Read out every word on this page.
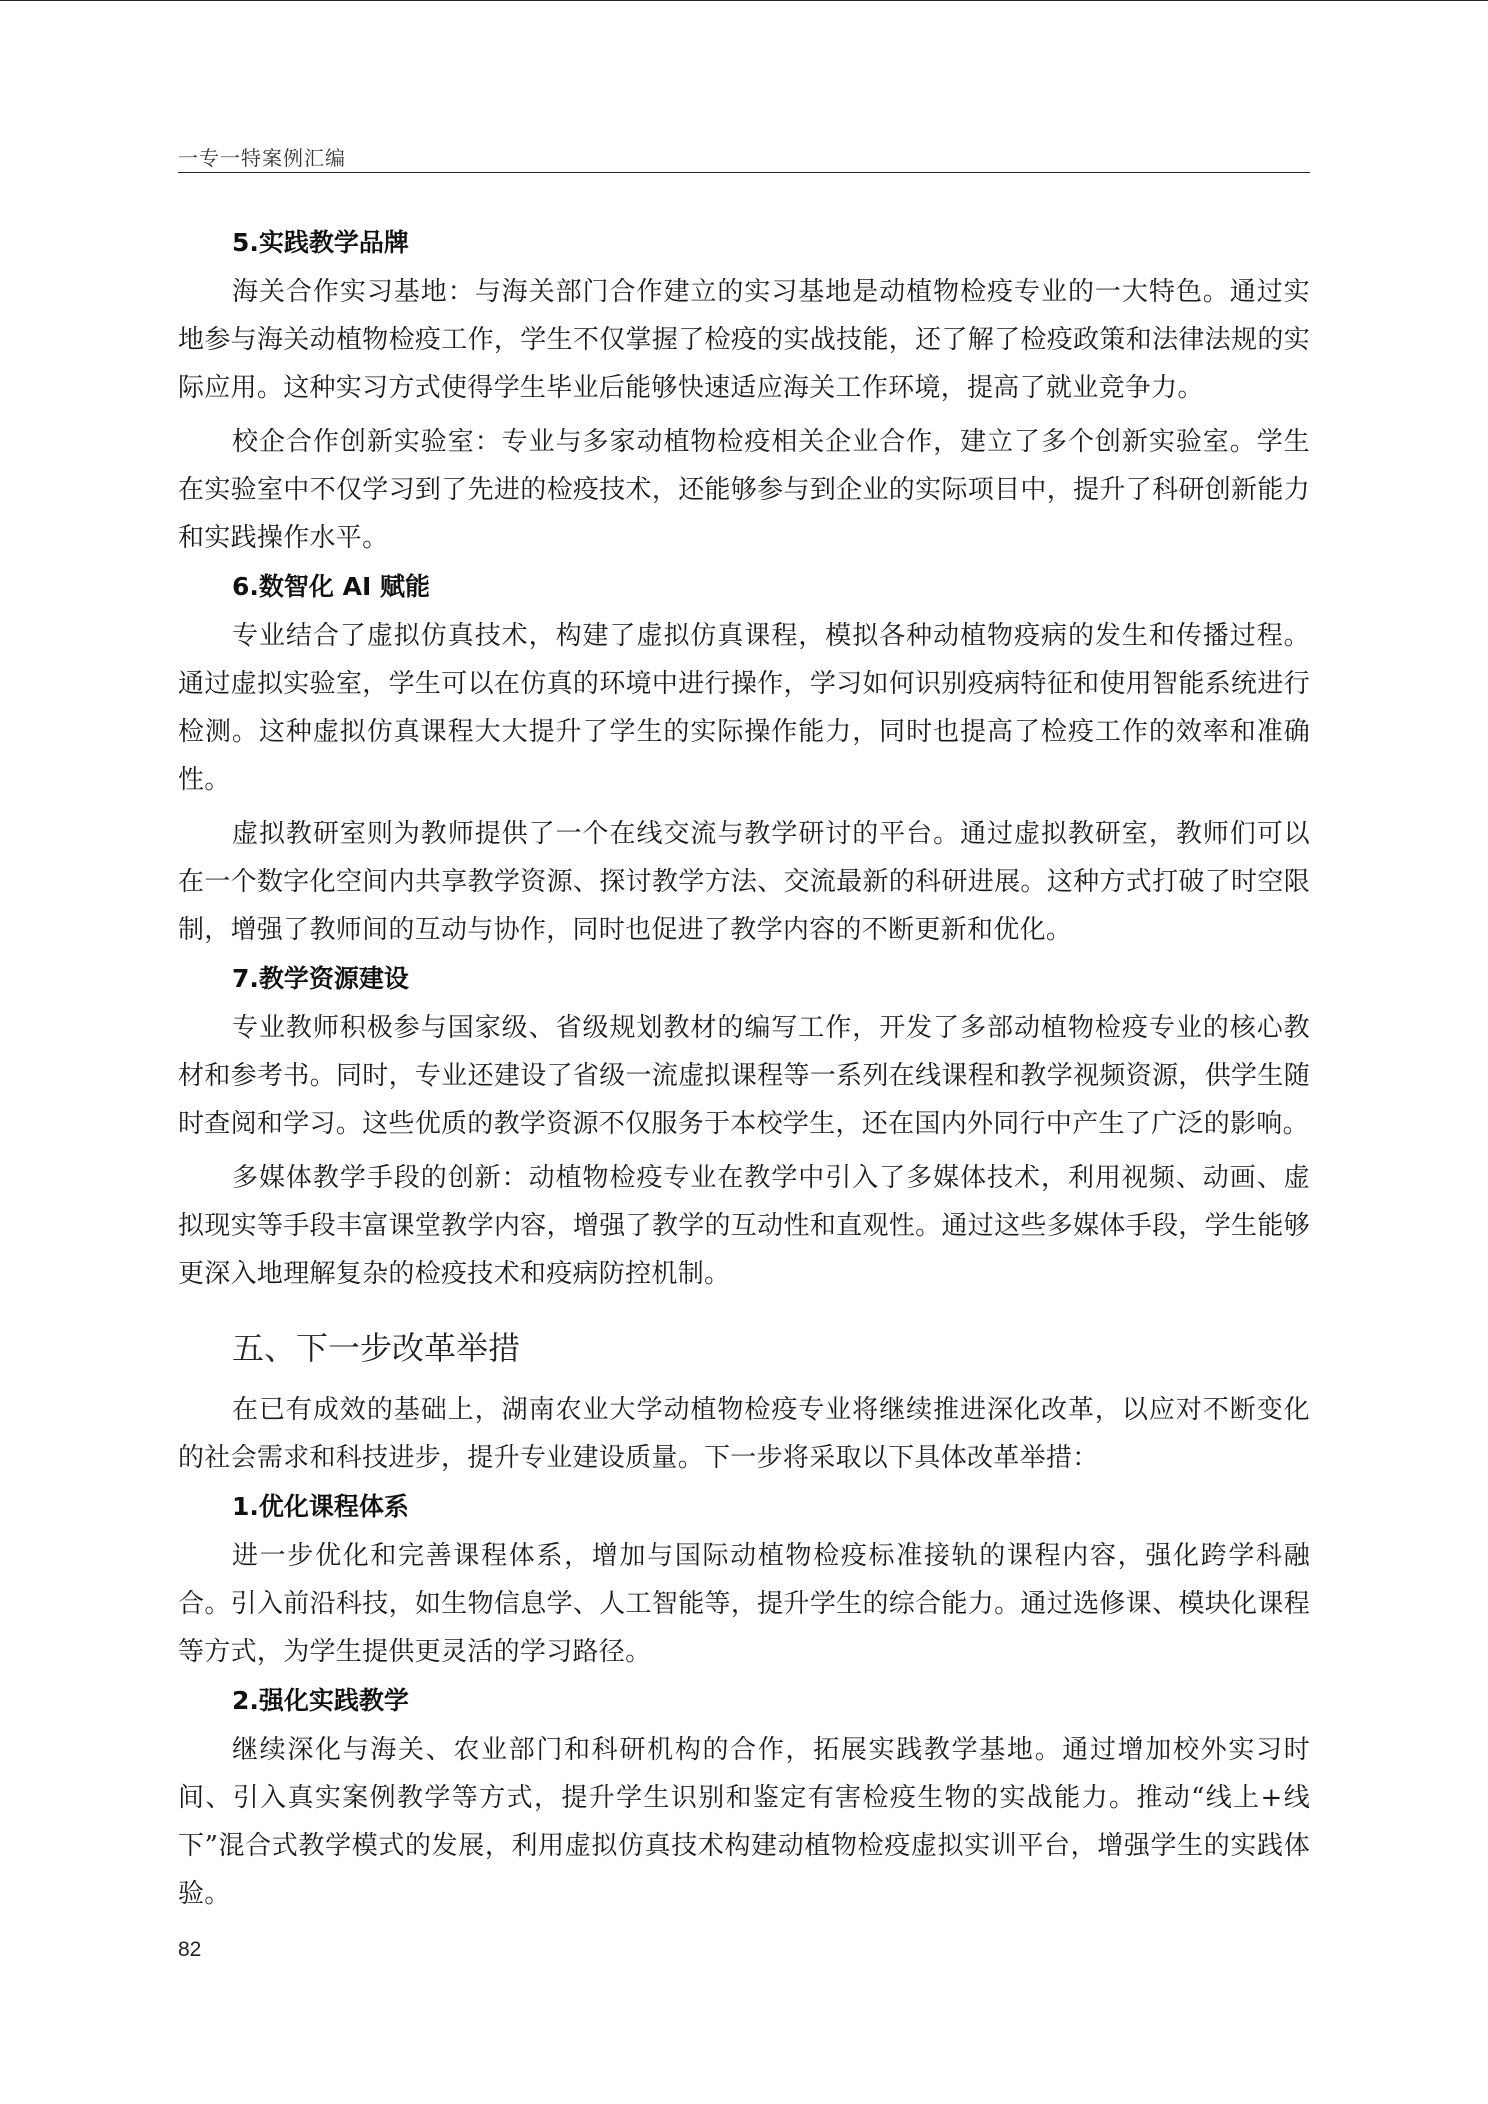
一专一特案例汇编
5.实践教学品牌

海关合作实习基地：与海关部门合作建立的实习基地是动植物检疫专业的一大特色。通过实地参与海关动植物检疫工作，学生不仅掌握了检疫的实战技能，还了解了检疫政策和法律法规的实际应用。这种实习方式使得学生毕业后能够快速适应海关工作环境，提高了就业竞争力。

校企合作创新实验室：专业与多家动植物检疫相关企业合作，建立了多个创新实验室。学生在实验室中不仅学习到了先进的检疫技术，还能够参与到企业的实际项目中，提升了科研创新能力和实践操作水平。

6.数智化 AI 赋能

专业结合了虚拟仿真技术，构建了虚拟仿真课程，模拟各种动植物疫病的发生和传播过程。通过虚拟实验室，学生可以在仿真的环境中进行操作，学习如何识别疫病特征和使用智能系统进行检测。这种虚拟仿真课程大大提升了学生的实际操作能力，同时也提高了检疫工作的效率和准确性。

虚拟教研室则为教师提供了一个在线交流与教学研讨的平台。通过虚拟教研室，教师们可以在一个数字化空间内共享教学资源、探讨教学方法、交流最新的科研进展。这种方式打破了时空限制，增强了教师间的互动与协作，同时也促进了教学内容的不断更新和优化。

7.教学资源建设

专业教师积极参与国家级、省级规划教材的编写工作，开发了多部动植物检疫专业的核心教材和参考书。同时，专业还建设了省级一流虚拟课程等一系列在线课程和教学视频资源，供学生随时查阅和学习。这些优质的教学资源不仅服务于本校学生，还在国内外同行中产生了广泛的影响。

多媒体教学手段的创新：动植物检疫专业在教学中引入了多媒体技术，利用视频、动画、虚拟现实等手段丰富课堂教学内容，增强了教学的互动性和直观性。通过这些多媒体手段，学生能够更深入地理解复杂的检疫技术和疫病防控机制。

五、下一步改革举措

在已有成效的基础上，湖南农业大学动植物检疫专业将继续推进深化改革，以应对不断变化的社会需求和科技进步，提升专业建设质量。下一步将采取以下具体改革举措：

1.优化课程体系

进一步优化和完善课程体系，增加与国际动植物检疫标准接轨的课程内容，强化跨学科融合。引入前沿科技，如生物信息学、人工智能等，提升学生的综合能力。通过选修课、模块化课程等方式，为学生提供更灵活的学习路径。

2.强化实践教学

继续深化与海关、农业部门和科研机构的合作，拓展实践教学基地。通过增加校外实习时间、引入真实案例教学等方式，提升学生识别和鉴定有害检疫生物的实战能力。推动“线上+线下”混合式教学模式的发展，利用虚拟仿真技术构建动植物检疫虚拟实训平台，增强学生的实践体验。

82
